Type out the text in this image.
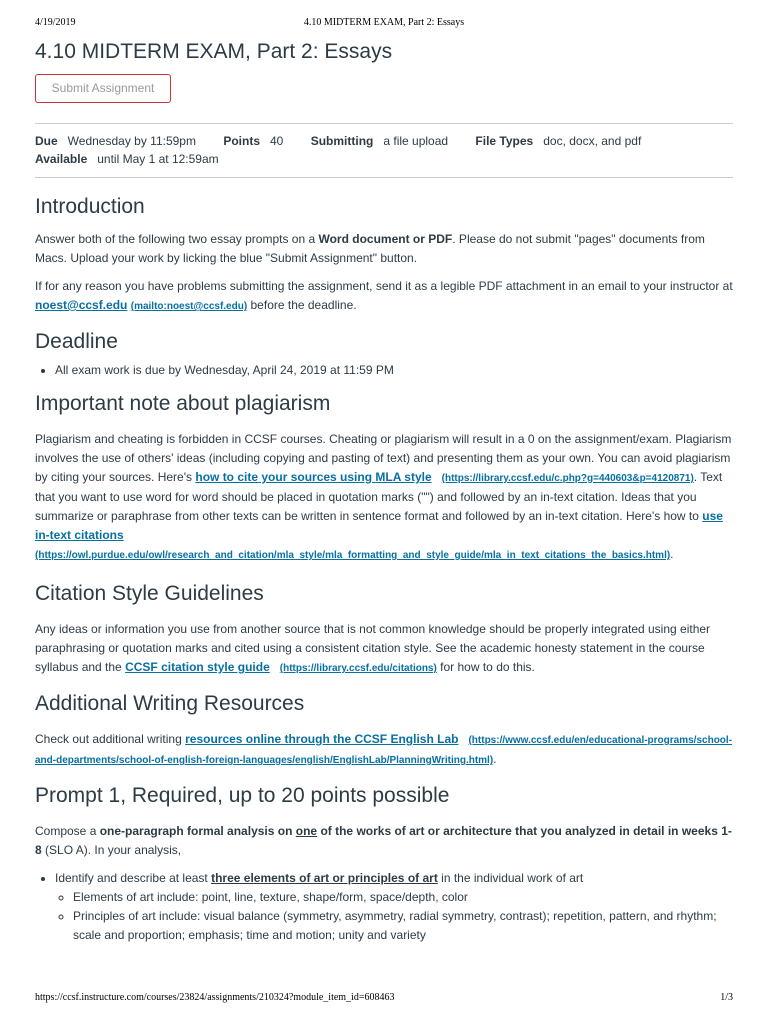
4/19/2019	4.10 MIDTERM EXAM, Part 2: Essays
4.10 MIDTERM EXAM, Part 2: Essays
Submit Assignment
Due Wednesday by 11:59pm Points 40 Submitting a file upload File Types doc, docx, and pdf
Available until May 1 at 12:59am
Introduction

Answer both of the following two essay prompts on a Word document or PDF. Please do not submit "pages" documents from Macs. Upload your work by licking the blue "Submit Assignment" button.

If for any reason you have problems submitting the assignment, send it as a legible PDF attachment in an email to your instructor at noest@ccsf.edu (mailto:noest@ccsf.edu) before the deadline.

Deadline
• All exam work is due by Wednesday, April 24, 2019 at 11:59 PM
Important note about plagiarism

Plagiarism and cheating is forbidden in CCSF courses. Cheating or plagiarism will result in a 0 on the assignment/exam. Plagiarism involves the use of others' ideas (including copying and pasting of text) and presenting them as your own. You can avoid plagiarism by citing your sources. Here's how to cite your sources using MLA style (https://library.ccsf.edu/c.php?g=440603&p=4120871). Text that you want to use word for word should be placed in quotation marks ("") and followed by an in-text citation. Ideas that you summarize or paraphrase from other texts can be written in sentence format and followed by an in-text citation. Here's how to use in-text citations (https://owl.purdue.edu/owl/research_and_citation/mla_style/mla_formatting_and_style_guide/mla_in_text_citations_the_basics.html).

Citation Style Guidelines

Any ideas or information you use from another source that is not common knowledge should be properly integrated using either paraphrasing or quotation marks and cited using a consistent citation style. See the academic honesty statement in the course syllabus and the CCSF citation style guide (https://library.ccsf.edu/citations) for how to do this.

Additional Writing Resources

Check out additional writing resources online through the CCSF English Lab (https://www.ccsf.edu/en/educational-programs/school-and-departments/school-of-english-foreign-languages/english/EnglishLab/PlanningWriting.html).

Prompt 1, Required, up to 20 points possible

Compose a one-paragraph formal analysis on one of the works of art or architecture that you analyzed in detail in weeks 1-8 (SLO A). In your analysis,

• Identify and describe at least three elements of art or principles of art in the individual work of art
◦ Elements of art include: point, line, texture, shape/form, space/depth, color
◦ Principles of art include: visual balance (symmetry, asymmetry, radial symmetry, contrast); repetition, pattern, and rhythm; scale and proportion; emphasis; time and motion; unity and variety
https://ccsf.instructure.com/courses/23824/assignments/210324?module_item_id=608463	1/3
